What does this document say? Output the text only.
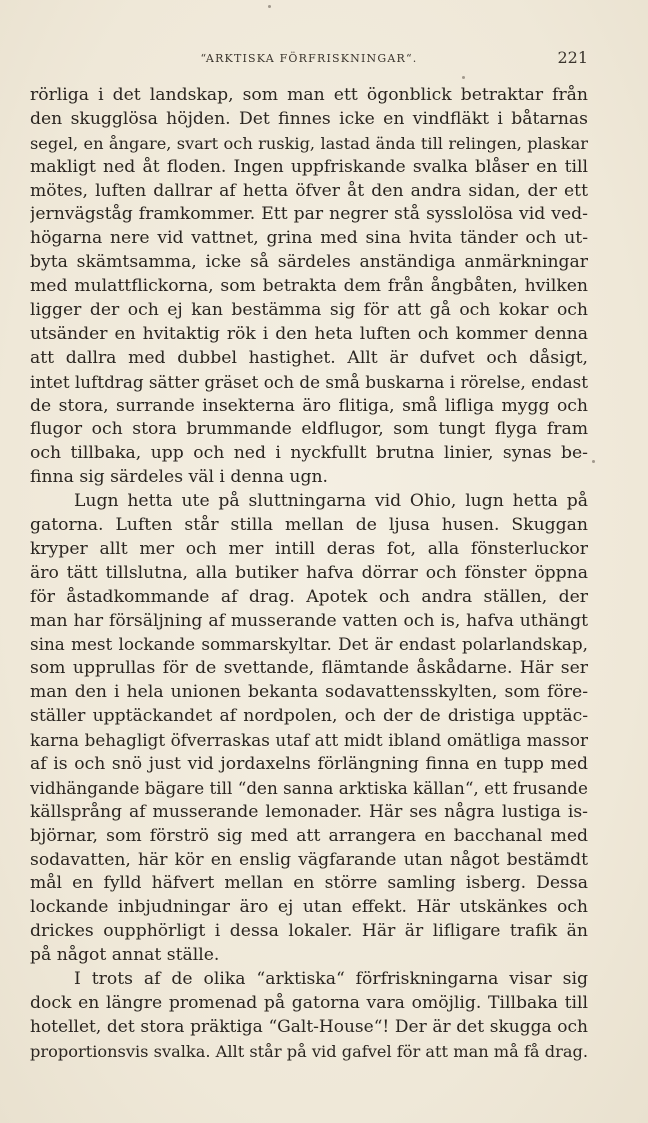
“ARKTISKA FÖRFRISKNINGAR“.	221
rörliga i det landskap, som man ett ögonblick betraktar från
den skugglösa höjden. Det finnes icke en vindfläkt i båtarnas
segel, en ångare, svart och ruskig, lastad ända till relingen, plaskar
makligt ned åt floden. Ingen uppfriskande svalka blåser en till
mötes, luften dallrar af hetta öfver åt den andra sidan, der ett
jernvägståg framkommer. Ett par negrer stå sysslolösa vid ved-
högarna nere vid vattnet, grina med sina hvita tänder och ut-
byta skämtsamma, icke så särdeles anständiga anmärkningar
med mulattflickorna, som betrakta dem från ångbåten, hvilken
ligger der och ej kan bestämma sig för att gå och kokar och
utsänder en hvitaktig rök i den heta luften och kommer denna
att dallra med dubbel hastighet. Allt är dufvet och dåsigt,
intet luftdrag sätter gräset och de små buskarna i rörelse, endast
de stora, surrande insekterna äro flitiga, små lifliga mygg och
flugor och stora brummande eldflugor, som tungt flyga fram
och tillbaka, upp och ned i nyckfullt brutna linier, synas be-
finna sig särdeles väl i denna ugn.
Lugn hetta ute på sluttningarna vid Ohio, lugn hetta på
gatorna. Luften står stilla mellan de ljusa husen. Skuggan
kryper allt mer och mer intill deras fot, alla fönsterluckor
äro tätt tillslutna, alla butiker hafva dörrar och fönster öppna
för åstadkommande af drag. Apotek och andra ställen, der
man har försäljning af musserande vatten och is, hafva uthängt
sina mest lockande sommarskyltar. Det är endast polarlandskap,
som upprullas för de svettande, flämtande åskådarne. Här ser
man den i hela unionen bekanta sodavattensskylten, som före-
ställer upptäckandet af nordpolen, och der de dristiga upptäc-
karna behagligt öfverraskas utaf att midt ibland omätliga massor
af is och snö just vid jordaxelns förlängning finna en tupp med
vidhängande bägare till “den sanna arktiska källan“, ett frusande
källsprång af musserande lemonader. Här ses några lustiga is-
björnar, som förströ sig med att arrangera en bacchanal med
sodavatten, här kör en enslig vägfarande utan något bestämdt
mål en fylld häfvert mellan en större samling isberg. Dessa
lockande inbjudningar äro ej utan effekt. Här utskänkes och
drickes oupphörligt i dessa lokaler. Här är lifligare trafik än
på något annat ställe.
I trots af de olika “arktiska“ förfriskningarna visar sig
dock en längre promenad på gatorna vara omöjlig. Tillbaka till
hotellet, det stora präktiga “Galt-House“! Der är det skugga och
proportionsvis svalka. Allt står på vid gafvel för att man må få drag.
